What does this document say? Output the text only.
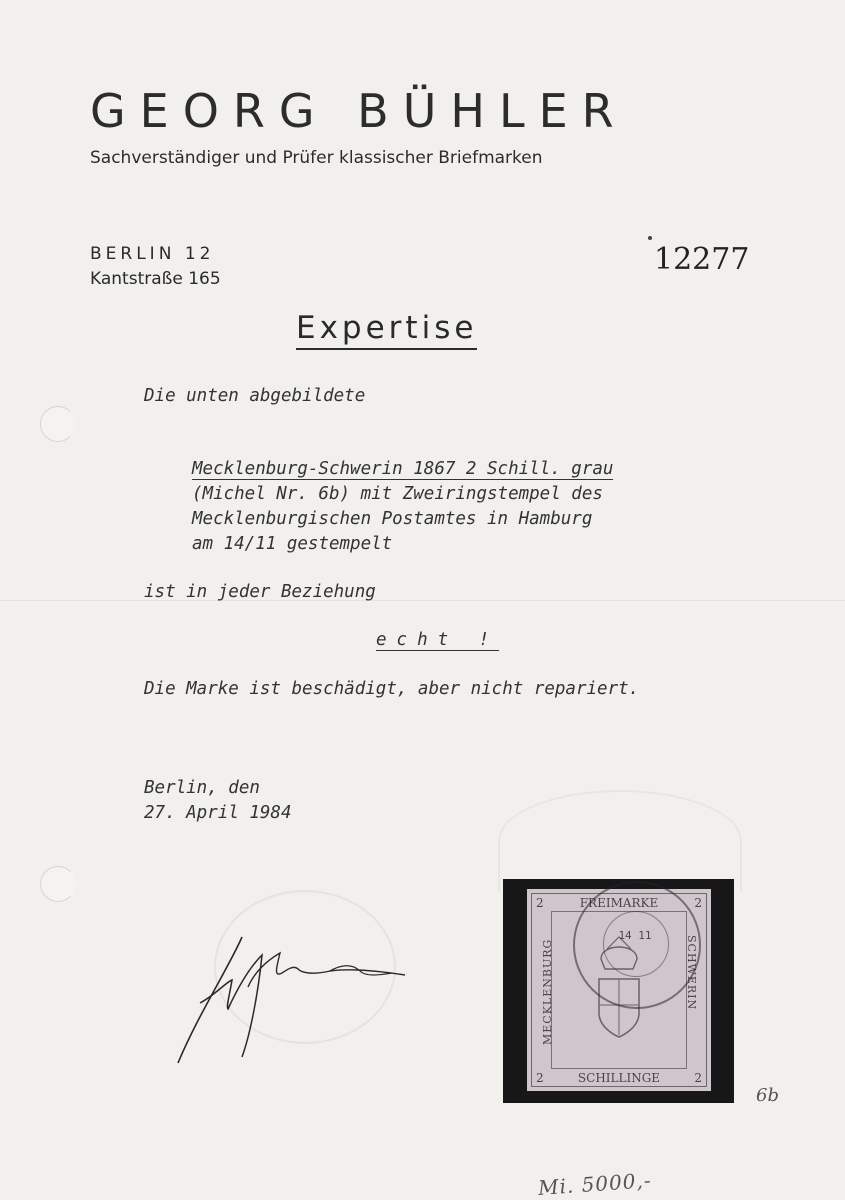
GEORG BÜHLER
Sachverständiger und Prüfer klassischer Briefmarken
BERLIN 12
Kantstraße 165
12277
Expertise
Die unten abgebildete
Mecklenburg-Schwerin 1867 2 Schill. grau
(Michel Nr. 6b) mit Zweiringstempel des
Mecklenburgischen Postamtes in Hamburg
am 14/11 gestempelt
ist in jeder Beziehung
echt !
Die Marke ist beschädigt, aber nicht repariert.
Berlin, den
27. April 1984
2	FREIMARKE	2
2	SCHILLINGE	2
MECKLENBURG	SCHWERIN
14 11
6b
Mi. 5000,-
